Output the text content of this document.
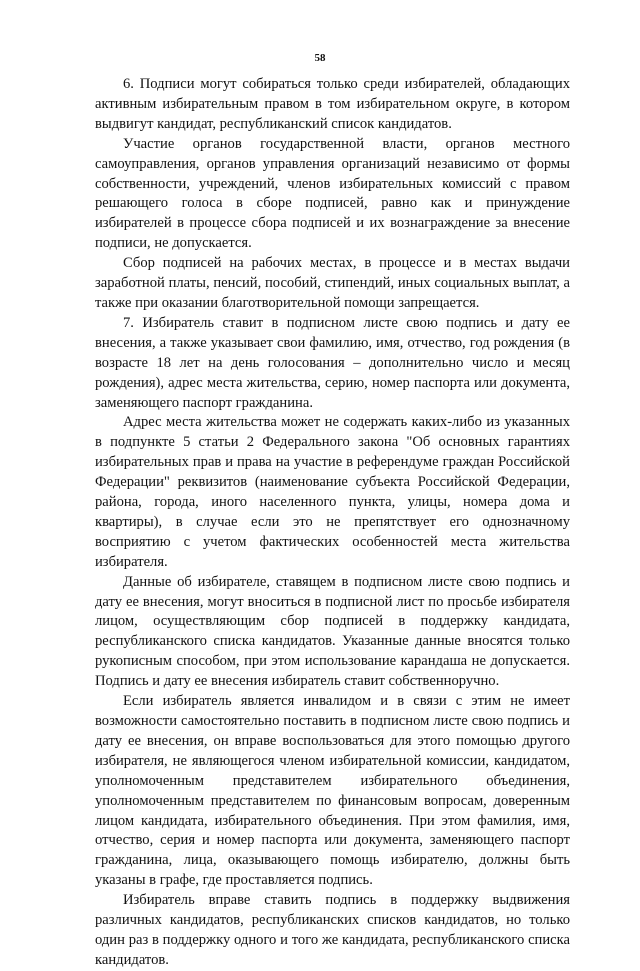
58

6. Подписи могут собираться только среди избирателей, обладающих активным избирательным правом в том избирательном округе, в котором выдвигут кандидат, республиканский список кандидатов.

Участие органов государственной власти, органов местного самоуправления, органов управления организаций независимо от формы собственности, учреждений, членов избирательных комиссий с правом решающего голоса в сборе подписей, равно как и принуждение избирателей в процессе сбора подписей и их вознаграждение за внесение подписи, не допускается.

Сбор подписей на рабочих местах, в процессе и в местах выдачи заработной платы, пенсий, пособий, стипендий, иных социальных выплат, а также при оказании благотворительной помощи запрещается.

7. Избиратель ставит в подписном листе свою подпись и дату ее внесения, а также указывает свои фамилию, имя, отчество, год рождения (в возрасте 18 лет на день голосования – дополнительно число и месяц рождения), адрес места жительства, серию, номер паспорта или документа, заменяющего паспорт гражданина.

Адрес места жительства может не содержать каких-либо из указанных в подпункте 5 статьи 2 Федерального закона "Об основных гарантиях избирательных прав и права на участие в референдуме граждан Российской Федерации" реквизитов (наименование субъекта Российской Федерации, района, города, иного населенного пункта, улицы, номера дома и квартиры), в случае если это не препятствует его однозначному восприятию с учетом фактических особенностей места жительства избирателя.

Данные об избирателе, ставящем в подписном листе свою подпись и дату ее внесения, могут вноситься в подписной лист по просьбе избирателя лицом, осуществляющим сбор подписей в поддержку кандидата, республиканского списка кандидатов. Указанные данные вносятся только рукописным способом, при этом использование карандаша не допускается. Подпись и дату ее внесения избиратель ставит собственноручно.

Если избиратель является инвалидом и в связи с этим не имеет возможности самостоятельно поставить в подписном листе свою подпись и дату ее внесения, он вправе воспользоваться для этого помощью другого избирателя, не являющегося членом избирательной комиссии, кандидатом, уполномоченным представителем избирательного объединения, уполномоченным представителем по финансовым вопросам, доверенным лицом кандидата, избирательного объединения. При этом фамилия, имя, отчество, серия и номер паспорта или документа, заменяющего паспорт гражданина, лица, оказывающего помощь избирателю, должны быть указаны в графе, где проставляется подпись.

Избиратель вправе ставить подпись в поддержку выдвижения различных кандидатов, республиканских списков кандидатов, но только один раз в поддержку одного и того же кандидата, республиканского списка кандидатов.
